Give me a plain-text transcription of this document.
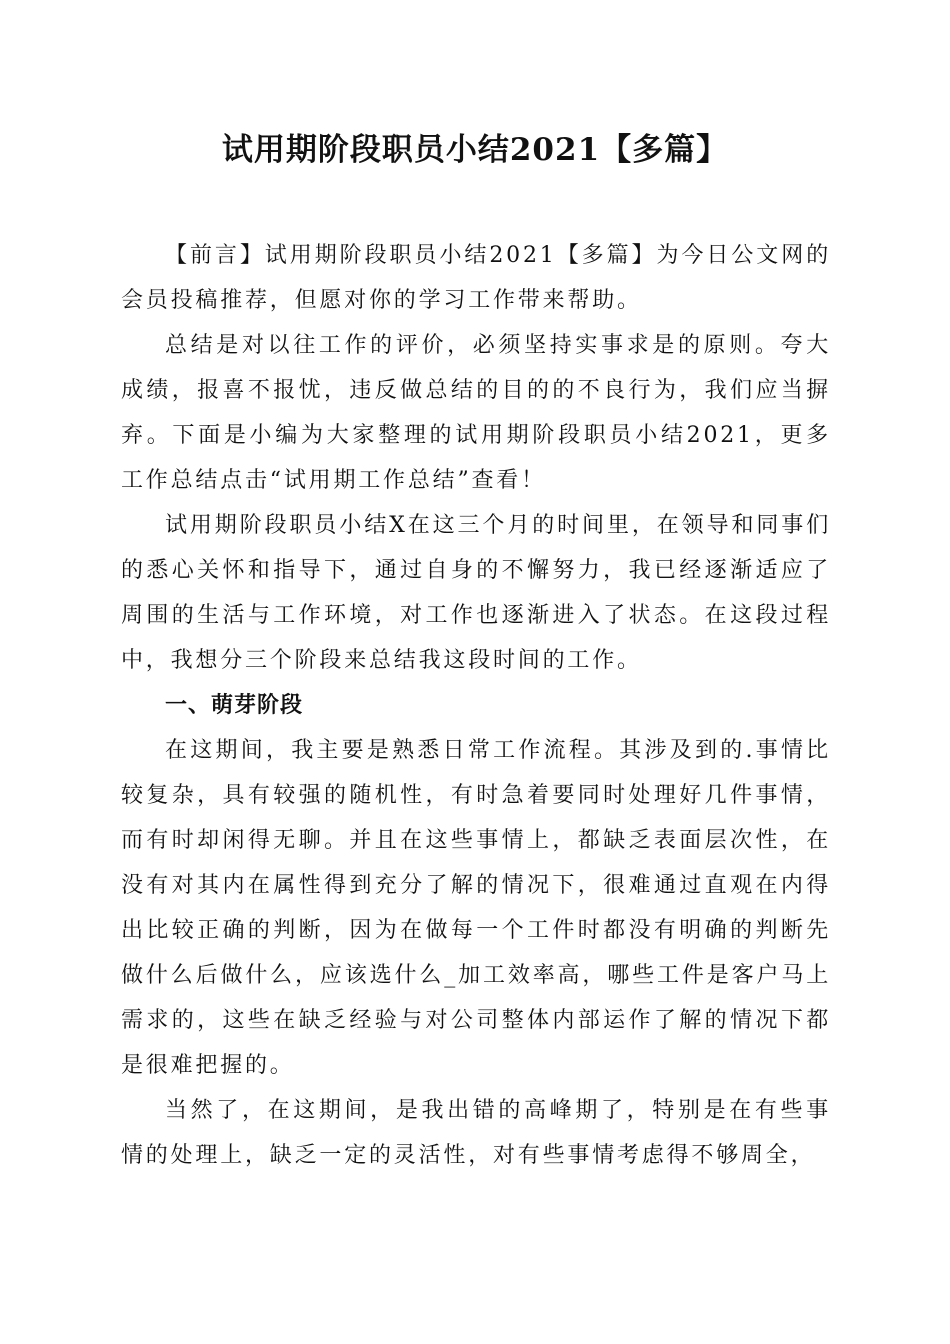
试用期阶段职员小结2021【多篇】

【前言】试用期阶段职员小结2021【多篇】为今日公文网的会员投稿推荐，但愿对你的学习工作带来帮助。

总结是对以往工作的评价，必须坚持实事求是的原则。夸大成绩，报喜不报忧，违反做总结的目的的不良行为，我们应当摒弃。下面是小编为大家整理的试用期阶段职员小结2021，更多工作总结点击“试用期工作总结”查看！

试用期阶段职员小结X在这三个月的时间里，在领导和同事们的悉心关怀和指导下，通过自身的不懈努力，我已经逐渐适应了周围的生活与工作环境，对工作也逐渐进入了状态。在这段过程中，我想分三个阶段来总结我这段时间的工作。

一、萌芽阶段

在这期间，我主要是熟悉日常工作流程。其涉及到的.事情比较复杂，具有较强的随机性，有时急着要同时处理好几件事情，而有时却闲得无聊。并且在这些事情上，都缺乏表面层次性，在没有对其内在属性得到充分了解的情况下，很难通过直观在内得出比较正确的判断，因为在做每一个工件时都没有明确的判断先做什么后做什么，应该选什么_加工效率高，哪些工件是客户马上需求的，这些在缺乏经验与对公司整体内部运作了解的情况下都是很难把握的。

当然了，在这期间，是我出错的高峰期了，特别是在有些事情的处理上，缺乏一定的灵活性，对有些事情考虑得不够周全，
